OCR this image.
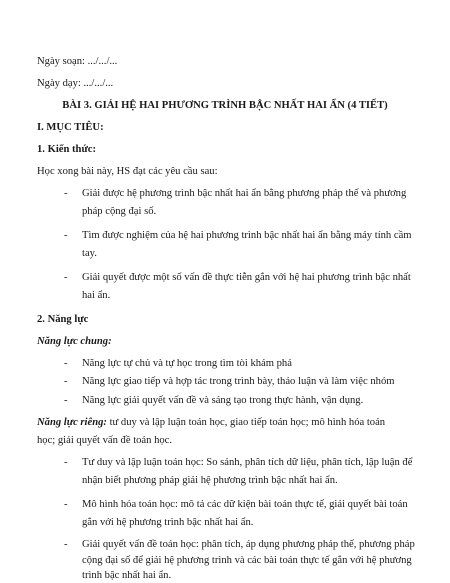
Ngày soạn: .../.../...
Ngày dạy: .../.../...
BÀI 3. GIẢI HỆ HAI PHƯƠNG TRÌNH BẬC NHẤT HAI ẨN (4 TIẾT)
I. MỤC TIÊU:
1. Kiến thức:
Học xong bài này, HS đạt các yêu cầu sau:
- Giải được hệ phương trình bậc nhất hai ẩn bằng phương pháp thế và phương
pháp cộng đại số.
- Tìm được nghiệm của hệ hai phương trình bậc nhất hai ẩn bằng máy tính cầm
tay.
- Giải quyết được một số vấn đề thực tiễn gắn với hệ hai phương trình bậc nhất
hai ẩn.
2. Năng lực
Năng lực chung:
- Năng lực tự chủ và tự học trong tìm tòi khám phá
- Năng lực giao tiếp và hợp tác trong trình bày, thảo luận và làm việc nhóm
- Năng lực giải quyết vấn đề và sáng tạo trong thực hành, vận dụng.
Năng lực riêng: tư duy và lập luận toán học, giao tiếp toán học; mô hình hóa toán
học; giải quyết vấn đề toán học.
- Tư duy và lập luận toán học: So sánh, phân tích dữ liệu, phân tích, lập luận để
nhận biết phương pháp giải hệ phương trình bậc nhất hai ẩn.
- Mô hình hóa toán học: mô tả các dữ kiện bài toán thực tế, giải quyết bài toán
gắn với hệ phương trình bậc nhất hai ẩn.
- Giải quyết vấn đề toán học: phân tích, áp dụng phương pháp thế, phương pháp
cộng đại số để giải hệ phương trình và các bài toán thực tế gắn với hệ phương
trình bậc nhất hai ẩn.
